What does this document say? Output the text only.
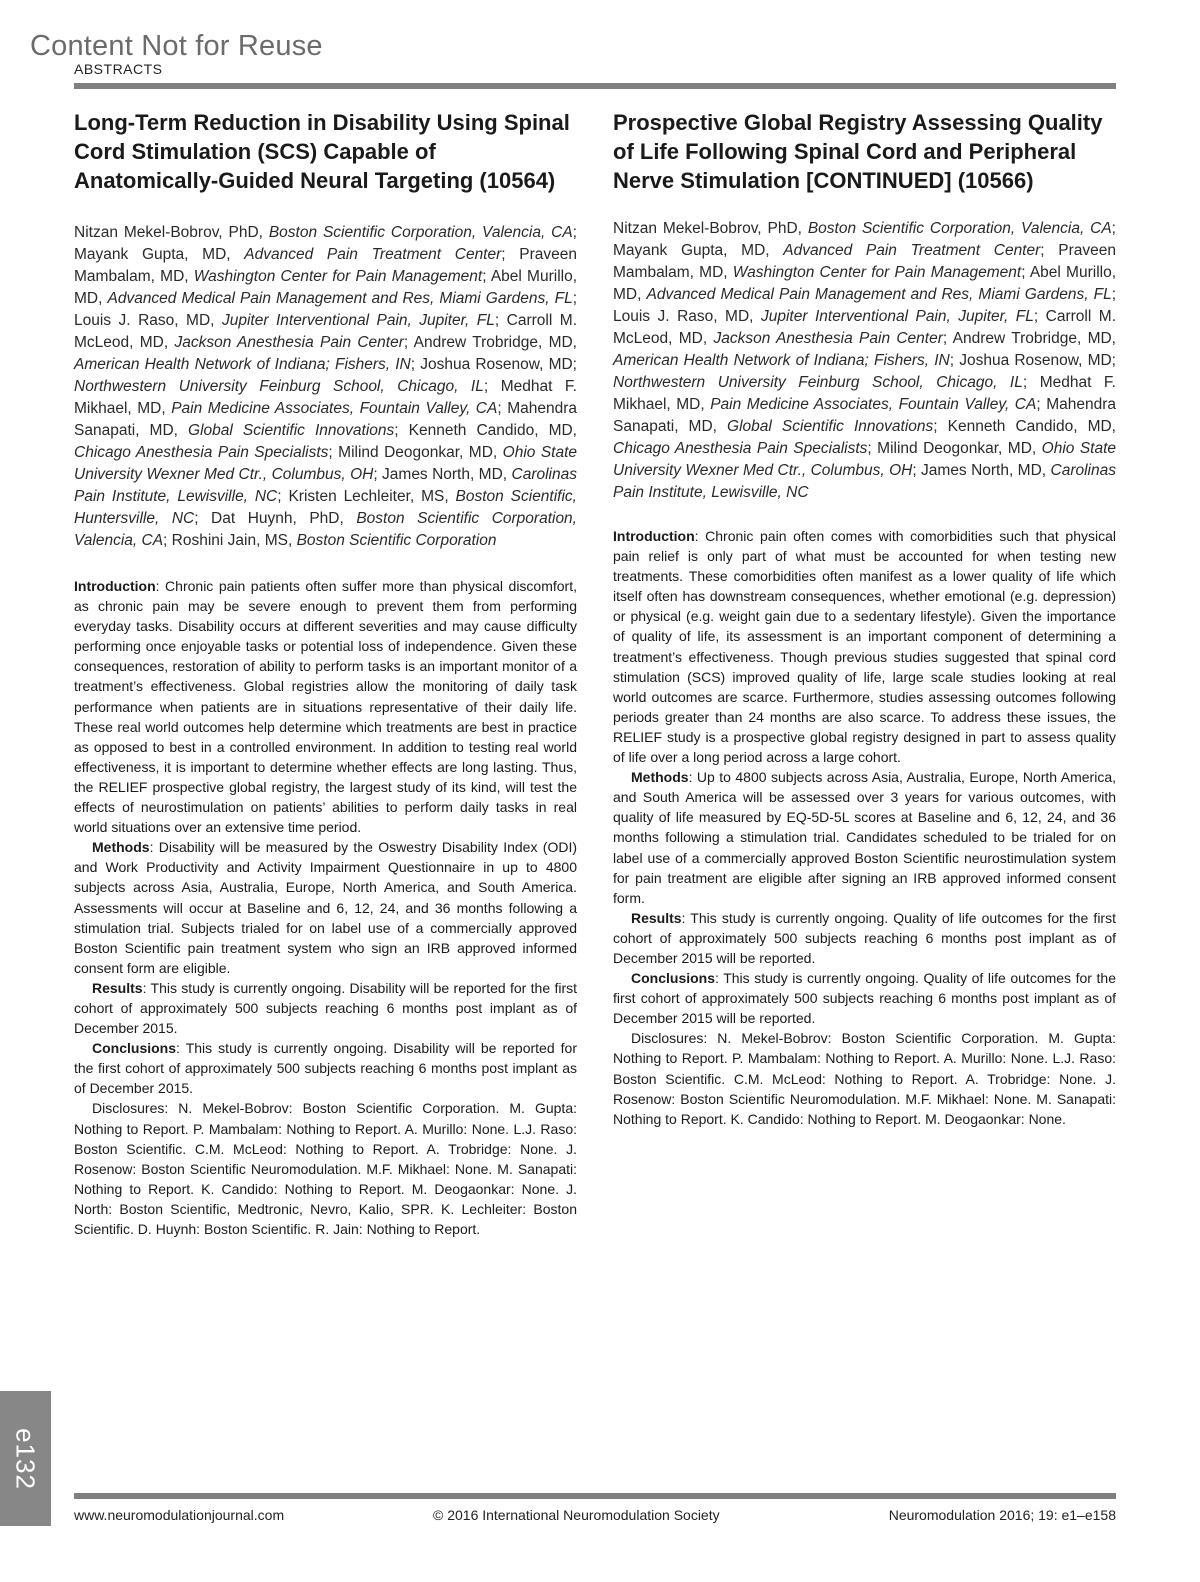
Content Not for Reuse
ABSTRACTS
Long-Term Reduction in Disability Using Spinal Cord Stimulation (SCS) Capable of Anatomically-Guided Neural Targeting (10564)
Nitzan Mekel-Bobrov, PhD, Boston Scientific Corporation, Valencia, CA; Mayank Gupta, MD, Advanced Pain Treatment Center; Praveen Mambalam, MD, Washington Center for Pain Management; Abel Murillo, MD, Advanced Medical Pain Management and Res, Miami Gardens, FL; Louis J. Raso, MD, Jupiter Interventional Pain, Jupiter, FL; Carroll M. McLeod, MD, Jackson Anesthesia Pain Center; Andrew Trobridge, MD, American Health Network of Indiana; Fishers, IN; Joshua Rosenow, MD; Northwestern University Feinburg School, Chicago, IL; Medhat F. Mikhael, MD, Pain Medicine Associates, Fountain Valley, CA; Mahendra Sanapati, MD, Global Scientific Innovations; Kenneth Candido, MD, Chicago Anesthesia Pain Specialists; Milind Deogonkar, MD, Ohio State University Wexner Med Ctr., Columbus, OH; James North, MD, Carolinas Pain Institute, Lewisville, NC; Kristen Lechleiter, MS, Boston Scientific, Huntersville, NC; Dat Huynh, PhD, Boston Scientific Corporation, Valencia, CA; Roshini Jain, MS, Boston Scientific Corporation

Introduction: Chronic pain patients often suffer more than physical discomfort, as chronic pain may be severe enough to prevent them from performing everyday tasks. Disability occurs at different severities and may cause difficulty performing once enjoyable tasks or potential loss of independence. Given these consequences, restoration of ability to perform tasks is an important monitor of a treatment’s effectiveness. Global registries allow the monitoring of daily task performance when patients are in situations representative of their daily life. These real world outcomes help determine which treatments are best in practice as opposed to best in a controlled environment. In addition to testing real world effectiveness, it is important to determine whether effects are long lasting. Thus, the RELIEF prospective global registry, the largest study of its kind, will test the effects of neurostimulation on patients’ abilities to perform daily tasks in real world situations over an extensive time period.

Methods: Disability will be measured by the Oswestry Disability Index (ODI) and Work Productivity and Activity Impairment Questionnaire in up to 4800 subjects across Asia, Australia, Europe, North America, and South America. Assessments will occur at Baseline and 6, 12, 24, and 36 months following a stimulation trial. Subjects trialed for on label use of a commercially approved Boston Scientific pain treatment system who sign an IRB approved informed consent form are eligible.

Results: This study is currently ongoing. Disability will be reported for the first cohort of approximately 500 subjects reaching 6 months post implant as of December 2015.

Conclusions: This study is currently ongoing. Disability will be reported for the first cohort of approximately 500 subjects reaching 6 months post implant as of December 2015.

Disclosures: N. Mekel-Bobrov: Boston Scientific Corporation. M. Gupta: Nothing to Report. P. Mambalam: Nothing to Report. A. Murillo: None. L.J. Raso: Boston Scientific. C.M. McLeod: Nothing to Report. A. Trobridge: None. J. Rosenow: Boston Scientific Neuromodulation. M.F. Mikhael: None. M. Sanapati: Nothing to Report. K. Candido: Nothing to Report. M. Deogaonkar: None. J. North: Boston Scientific, Medtronic, Nevro, Kalio, SPR. K. Lechleiter: Boston Scientific. D. Huynh: Boston Scientific. R. Jain: Nothing to Report.

Prospective Global Registry Assessing Quality of Life Following Spinal Cord and Peripheral Nerve Stimulation [CONTINUED] (10566)
Nitzan Mekel-Bobrov, PhD, Boston Scientific Corporation, Valencia, CA; Mayank Gupta, MD, Advanced Pain Treatment Center; Praveen Mambalam, MD, Washington Center for Pain Management; Abel Murillo, MD, Advanced Medical Pain Management and Res, Miami Gardens, FL; Louis J. Raso, MD, Jupiter Interventional Pain, Jupiter, FL; Carroll M. McLeod, MD, Jackson Anesthesia Pain Center; Andrew Trobridge, MD, American Health Network of Indiana; Fishers, IN; Joshua Rosenow, MD; Northwestern University Feinburg School, Chicago, IL; Medhat F. Mikhael, MD, Pain Medicine Associates, Fountain Valley, CA; Mahendra Sanapati, MD, Global Scientific Innovations; Kenneth Candido, MD, Chicago Anesthesia Pain Specialists; Milind Deogonkar, MD, Ohio State University Wexner Med Ctr., Columbus, OH; James North, MD, Carolinas Pain Institute, Lewisville, NC

Introduction: Chronic pain often comes with comorbidities such that physical pain relief is only part of what must be accounted for when testing new treatments. These comorbidities often manifest as a lower quality of life which itself often has downstream consequences, whether emotional (e.g. depression) or physical (e.g. weight gain due to a sedentary lifestyle). Given the importance of quality of life, its assessment is an important component of determining a treatment’s effectiveness. Though previous studies suggested that spinal cord stimulation (SCS) improved quality of life, large scale studies looking at real world outcomes are scarce. Furthermore, studies assessing outcomes following periods greater than 24 months are also scarce. To address these issues, the RELIEF study is a prospective global registry designed in part to assess quality of life over a long period across a large cohort.

Methods: Up to 4800 subjects across Asia, Australia, Europe, North America, and South America will be assessed over 3 years for various outcomes, with quality of life measured by EQ-5D-5L scores at Baseline and 6, 12, 24, and 36 months following a stimulation trial. Candidates scheduled to be trialed for on label use of a commercially approved Boston Scientific neurostimulation system for pain treatment are eligible after signing an IRB approved informed consent form.

Results: This study is currently ongoing. Quality of life outcomes for the first cohort of approximately 500 subjects reaching 6 months post implant as of December 2015 will be reported.

Conclusions: This study is currently ongoing. Quality of life outcomes for the first cohort of approximately 500 subjects reaching 6 months post implant as of December 2015 will be reported.

Disclosures: N. Mekel-Bobrov: Boston Scientific Corporation. M. Gupta: Nothing to Report. P. Mambalam: Nothing to Report. A. Murillo: None. L.J. Raso: Boston Scientific. C.M. McLeod: Nothing to Report. A. Trobridge: None. J. Rosenow: Boston Scientific Neuromodulation. M.F. Mikhael: None. M. Sanapati: Nothing to Report. K. Candido: Nothing to Report. M. Deogaonkar: None.

e132
www.neuromodulationjournal.com	© 2016 International Neuromodulation Society	Neuromodulation 2016; 19: e1–e158
